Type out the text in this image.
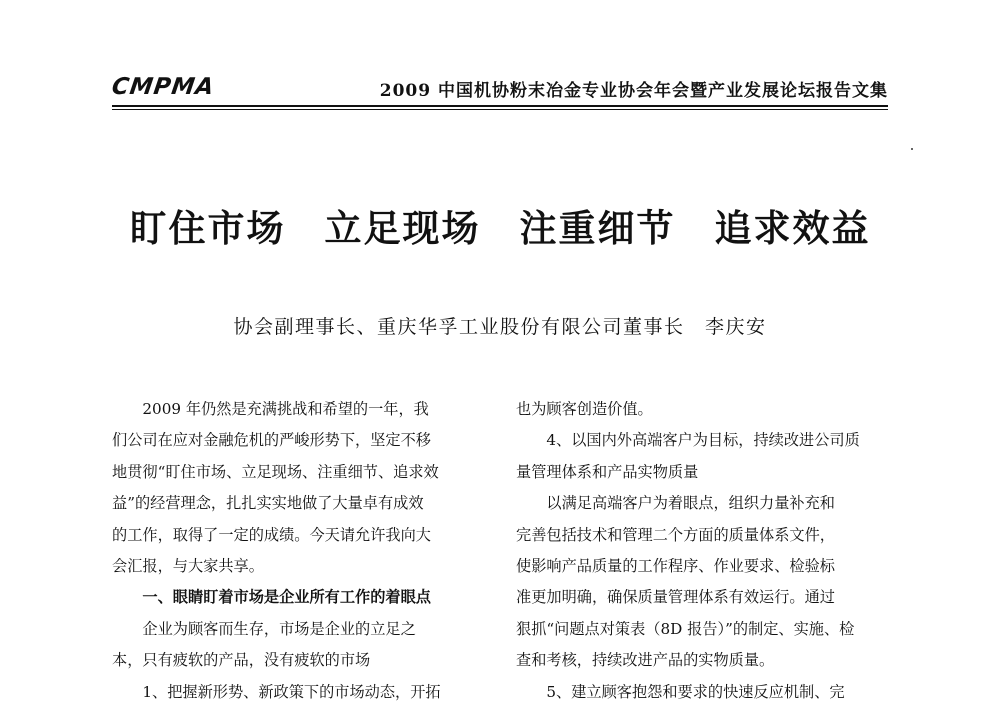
CMPMA	2009 中国机协粉末冶金专业协会年会暨产业发展论坛报告文集
盯住市场　立足现场　注重细节　追求效益
协会副理事长、重庆华孚工业股份有限公司董事长　李庆安
2009 年仍然是充满挑战和希望的一年，我
们公司在应对金融危机的严峻形势下，坚定不移
地贯彻“盯住市场、立足现场、注重细节、追求效
益”的经营理念，扎扎实实地做了大量卓有成效
的工作，取得了一定的成绩。今天请允许我向大
会汇报，与大家共享。
一、眼睛盯着市场是企业所有工作的着眼点
企业为顾客而生存，市场是企业的立足之
本，只有疲软的产品，没有疲软的市场
1、把握新形势、新政策下的市场动态，开拓
也为顾客创造价值。
4、以国内外高端客户为目标，持续改进公司质
量管理体系和产品实物质量
以满足高端客户为着眼点，组织力量补充和
完善包括技术和管理二个方面的质量体系文件，
使影响产品质量的工作程序、作业要求、检验标
准更加明确，确保质量管理体系有效运行。通过
狠抓“问题点对策表（8D 报告）”的制定、实施、检
查和考核，持续改进产品的实物质量。
5、建立顾客抱怨和要求的快速反应机制、完
